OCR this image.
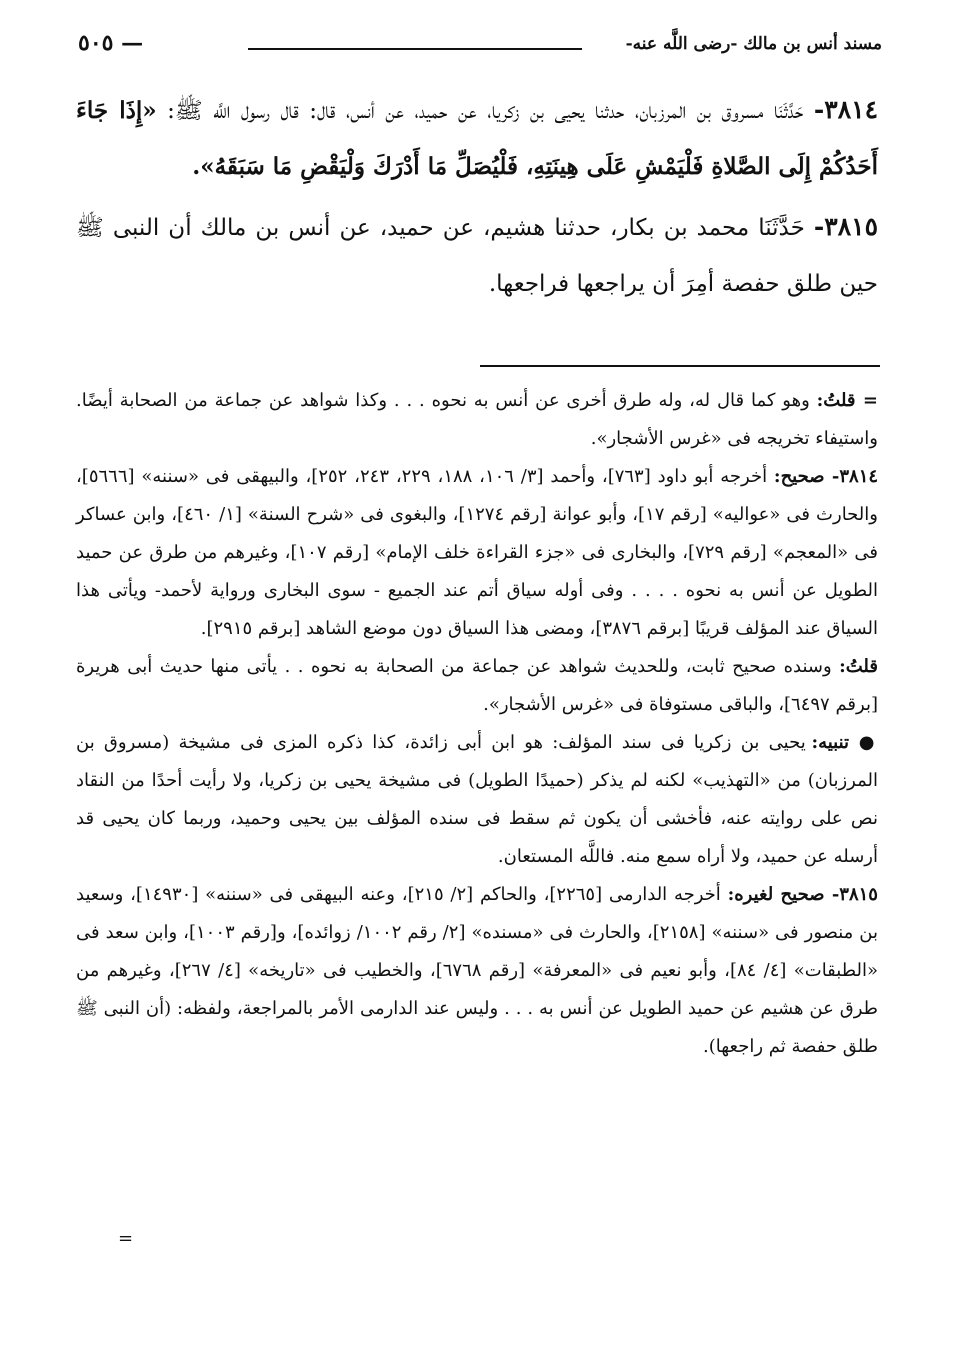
مسند أنس بن مالك -رضى اللَّه عنه-
— ٥٠٥

٣٨١٤- حَدَّثَنَا مسروق بن المرزبان، حدثنا يحيى بن زكريا، عن حميد، عن أنس، قال: قال رسول اللَّه ﷺ: «إِذَا جَاءَ أَحَدُكُمْ إِلَى الصَّلاةِ فَلْيَمْشِ عَلَى هِينَتِهِ، فَلْيُصَلِّ مَا أَدْرَكَ وَلْيَقْضِ مَا سَبَقَهُ».

٣٨١٥- حَدَّثَنَا محمد بن بكار، حدثنا هشيم، عن حميد، عن أنس بن مالك أن النبى ﷺ حين طلق حفصة أمِرَ أن يراجعها فراجعها.

= قلتُ: وهو كما قال له، وله طرق أخرى عن أنس به نحوه . . . وكذا شواهد عن جماعة من الصحابة أيضًا. واستيفاء تخريجه فى «غرس الأشجار».

٣٨١٤- صحيح: أخرجه أبو داود [٧٦٣]، وأحمد [٣/ ١٠٦، ١٨٨، ٢٢٩، ٢٤٣، ٢٥٢]، والبيهقى فى «سننه» [٥٦٦٦]، والحارث فى «عواليه» [رقم ١٧]، وأبو عوانة [رقم ١٢٧٤]، والبغوى فى «شرح السنة» [١/ ٤٦٠]، وابن عساكر فى «المعجم» [رقم ٧٢٩]، والبخارى فى «جزء القراءة خلف الإمام» [رقم ١٠٧]، وغيرهم من طرق عن حميد الطويل عن أنس به نحوه . . . . وفى أوله سياق أتم عند الجميع - سوى البخارى ورواية لأحمد- ويأتى هذا السياق عند المؤلف قريبًا [برقم ٣٨٧٦]، ومضى هذا السياق دون موضع الشاهد [برقم ٢٩١٥].

قلتُ: وسنده صحيح ثابت، وللحديث شواهد عن جماعة من الصحابة به نحوه . . يأتى منها حديث أبى هريرة [برقم ٦٤٩٧]، والباقى مستوفاة فى «غرس الأشجار».

● تنبيه: يحيى بن زكريا فى سند المؤلف: هو ابن أبى زائدة، كذا ذكره المزى فى مشيخة (مسروق بن المرزبان) من «التهذيب» لكنه لم يذكر (حميدًا الطويل) فى مشيخة يحيى بن زكريا، ولا رأيت أحدًا من النقاد نص على روايته عنه، فأخشى أن يكون ثم سقط فى سنده المؤلف بين يحيى وحميد، وربما كان يحيى قد أرسله عن حميد، ولا أراه سمع منه. فاللَّه المستعان.

٣٨١٥- صحيح لغيره: أخرجه الدارمى [٢٢٦٥]، والحاكم [٢/ ٢١٥]، وعنه البيهقى فى «سننه» [١٤٩٣٠]، وسعيد بن منصور فى «سننه» [٢١٥٨]، والحارث فى «مسنده» [٢/ رقم ١٠٠٢/ زوائده]، و[رقم ١٠٠٣]، وابن سعد فى «الطبقات» [٤/ ٨٤]، وأبو نعيم فى «المعرفة» [رقم ٦٧٦٨]، والخطيب فى «تاريخه» [٤/ ٢٦٧]، وغيرهم من طرق عن هشيم عن حميد الطويل عن أنس به . . . وليس عند الدارمى الأمر بالمراجعة، ولفظه: (أن النبى ﷺ طلق حفصة ثم راجعها).

=
